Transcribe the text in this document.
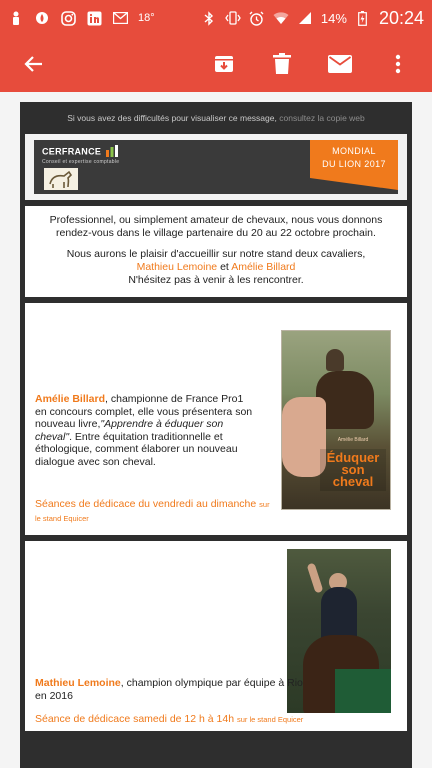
18°	14% 20:24
Si vous avez des difficultés pour visualiser ce message, consultez la copie web
CERFRANCE
Conseil et expertise comptable
MONDIAL
DU LION 2017

Professionnel, ou simplement amateur de chevaux, nous vous donnons rendez-vous dans le village partenaire du 20 au 22 octobre prochain.

Nous aurons le plaisir d'accueillir sur notre stand deux cavaliers,
Mathieu Lemoine et Amélie Billard
N'hésitez pas à venir à les rencontrer.

Amélie Billard, championne de France Pro1 en concours complet, elle vous présentera son nouveau livre,"Apprendre à éduquer son cheval". Entre équitation traditionnelle et éthologique, comment élaborer un nouveau dialogue avec son cheval.
Séances de dédicace du vendredi au dimanche sur le stand Equicer
Amélie Billard
Éduquer son cheval
Mathieu Lemoine, champion olympique par équipe à Rio en 2016
Séance de dédicace samedi de 12 h à 14h sur le stand Equicer
